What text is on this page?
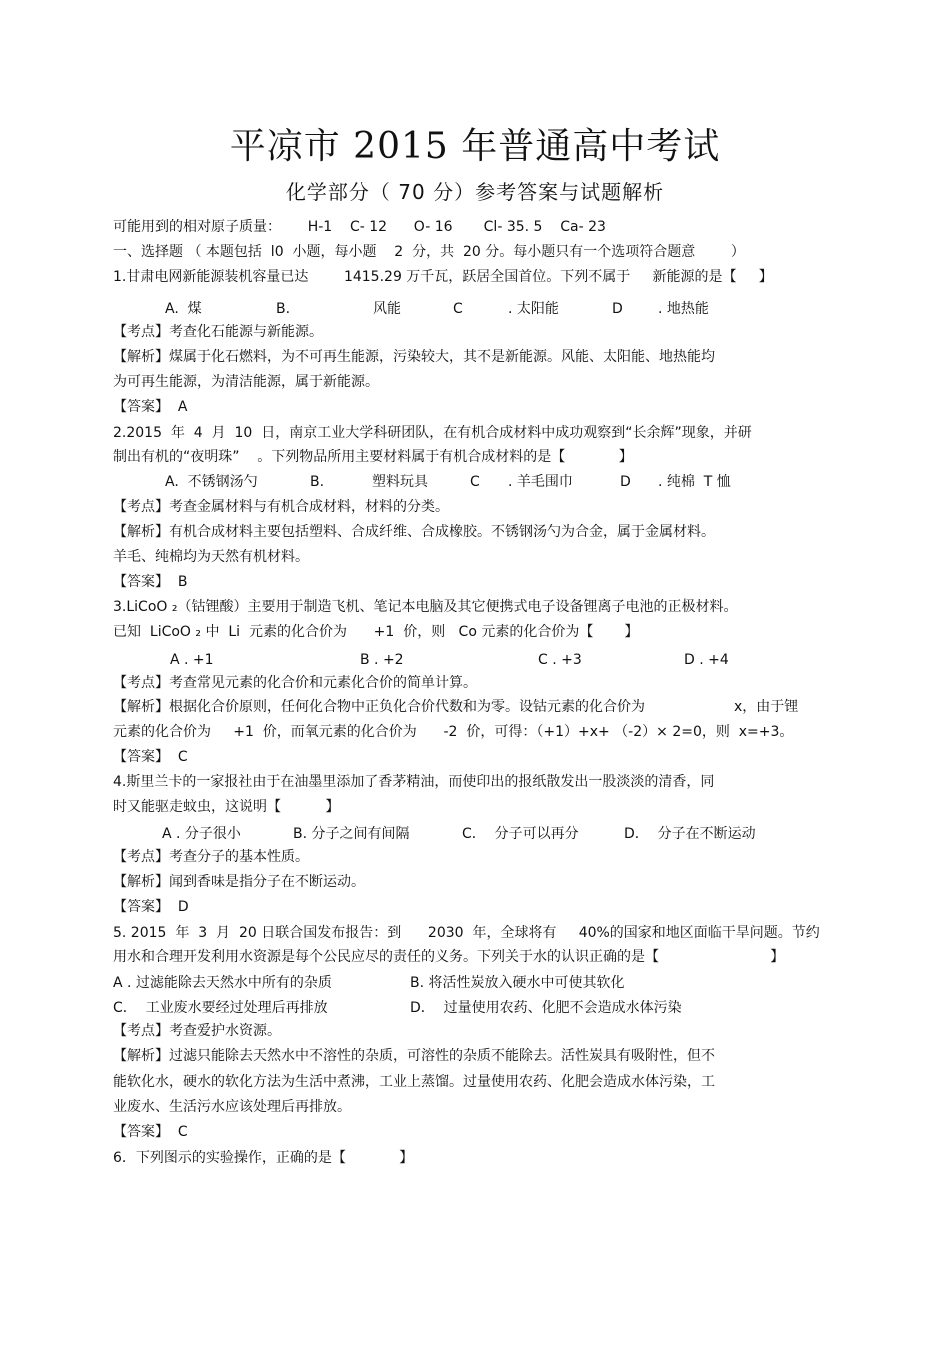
平凉市 2015 年普通高中考试
化学部分（ 70 分）参考答案与试题解析
可能用到的相对原子质量：      H-1    C- 12      O- 16       Cl- 35. 5    Ca- 23
一、选择题 （ 本题包括  l0  小题，每小题    2  分，共  20 分。每小题只有一个选项符合题意        ）
1.甘肃电网新能源装机容量已达        1415.29 万千瓦，跃居全国首位。下列不属于     新能源的是【     】
A.  煤	B.	风能	C	. 太阳能	D	. 地热能
【考点】考查化石能源与新能源。
【解析】煤属于化石燃料，为不可再生能源，污染较大，其不是新能源。风能、太阳能、地热能均
为可再生能源，为清洁能源，属于新能源。
【答案】  A
2.2015  年  4  月  10  日，南京工业大学科研团队，在有机合成材料中成功观察到“长余辉”现象，并研
制出有机的“夜明珠”    。下列物品所用主要材料属于有机合成材料的是【            】
A.  不锈钢汤勺	B.	塑料玩具	C . 羊毛围巾	D . 纯棉  T 恤
【考点】考查金属材料与有机合成材料，材料的分类。
【解析】有机合成材料主要包括塑料、合成纤维、合成橡胶。不锈钢汤勺为合金，属于金属材料。
羊毛、纯棉均为天然有机材料。
【答案】  B
3.LiCoO ₂（钴锂酸）主要用于制造飞机、笔记本电脑及其它便携式电子设备锂离子电池的正极材料。
已知  LiCoO ₂ 中  Li  元素的化合价为      +1  价，则   Co 元素的化合价为【       】
A . +1	B . +2	C . +3	D . +4
【考点】考查常见元素的化合价和元素化合价的简单计算。
【解析】根据化合价原则，任何化合物中正负化合价代数和为零。设钴元素的化合价为                    x，由于锂
元素的化合价为     +1  价，而氧元素的化合价为      -2  价，可得：（+1）+x+ （-2）× 2=0，则  x=+3。
【答案】  C
4.斯里兰卡的一家报社由于在油墨里添加了香茅精油，而使印出的报纸散发出一股淡淡的清香，同
时又能驱走蚊虫，这说明【          】
A . 分子很小	B. 分子之间有间隔	C．  分子可以再分	D．  分子在不断运动
【考点】考查分子的基本性质。
【解析】闻到香味是指分子在不断运动。
【答案】  D
5. 2015  年  3  月  20 日联合国发布报告：到      2030  年，全球将有     40%的国家和地区面临干旱问题。节约
用水和合理开发利用水资源是每个公民应尽的责任的义务。下列关于水的认识正确的是【                         】
A . 过滤能除去天然水中所有的杂质	B. 将活性炭放入硬水中可使其软化
C．  工业废水要经过处理后再排放	D．  过量使用农药、化肥不会造成水体污染
【考点】考查爱护水资源。
【解析】过滤只能除去天然水中不溶性的杂质，可溶性的杂质不能除去。活性炭具有吸附性，但不
能软化水，硬水的软化方法为生活中煮沸，工业上蒸馏。过量使用农药、化肥会造成水体污染，工
业废水、生活污水应该处理后再排放。
【答案】  C
6．下列图示的实验操作，正确的是【            】
